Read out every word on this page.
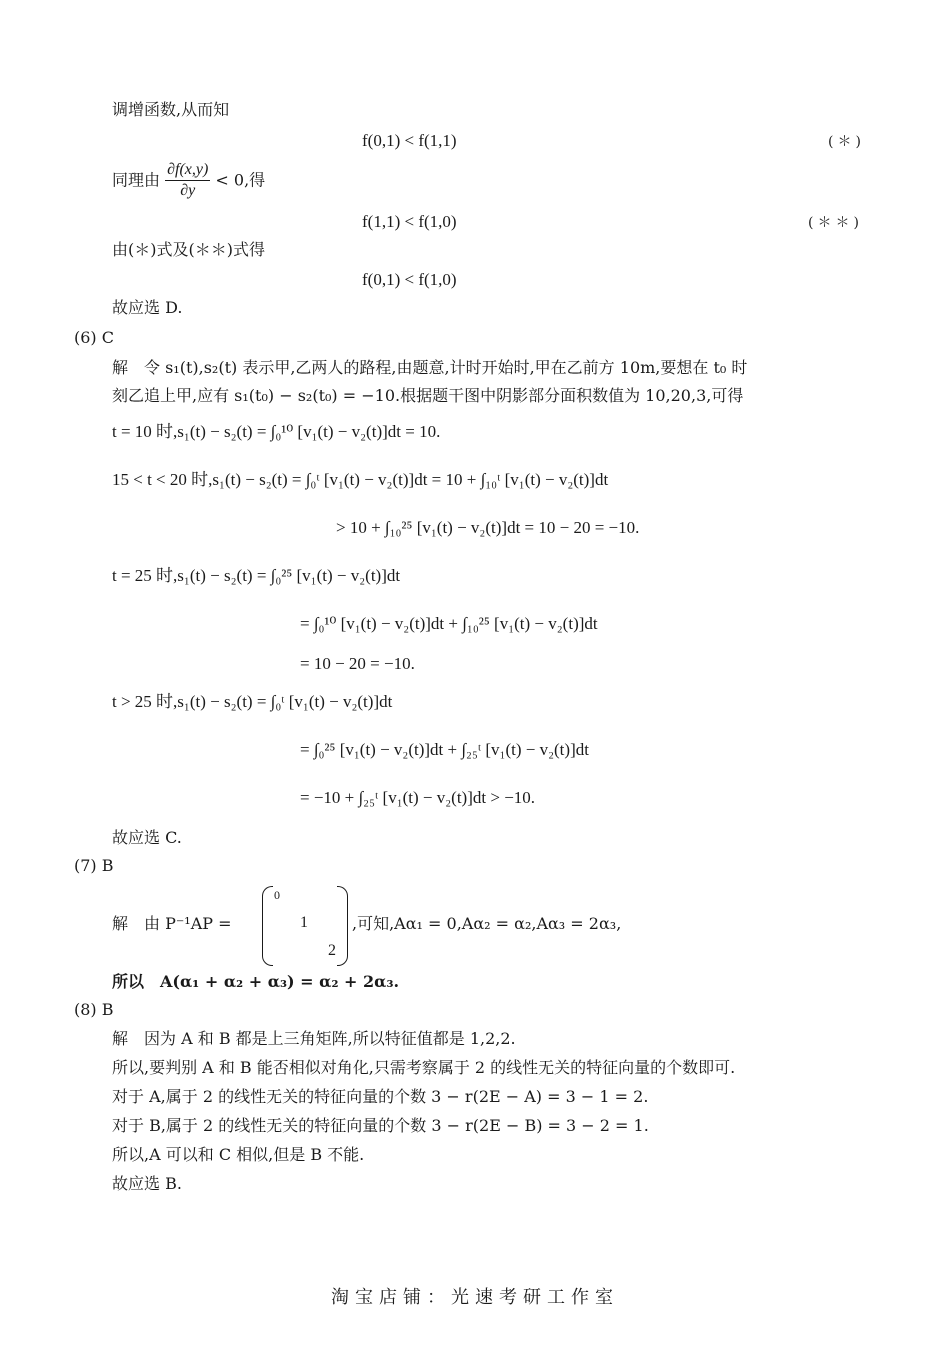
调增函数,从而知
f(0,1) < f(1,1)	(＊)
同理由 $\frac{\partial f(x,y)}{\partial y} < 0$,得
f(1,1) < f(1,0)	(＊＊)
由(＊)式及(＊＊)式得
f(0,1) < f(1,0)
故应选 D.
(6) C
解　令 s₁(t),s₂(t) 表示甲,乙两人的路程,由题意,计时开始时,甲在乙前方 10m,要想在 t₀ 时
刻乙追上甲,应有 s₁(t₀) − s₂(t₀) = −10.根据题干图中阴影部分面积数值为 10,20,3,可得
t = 10 时,s₁(t) − s₂(t) = ∫₀¹⁰ [v₁(t) − v₂(t)]dt = 10.
15 < t < 20 时,s₁(t) − s₂(t) = ∫₀ᵗ [v₁(t) − v₂(t)]dt = 10 + ∫₁₀ᵗ [v₁(t) − v₂(t)]dt
> 10 + ∫₁₀²⁵ [v₁(t) − v₂(t)]dt = 10 − 20 = −10.
t = 25 时,s₁(t) − s₂(t) = ∫₀²⁵ [v₁(t) − v₂(t)]dt
= ∫₀¹⁰ [v₁(t) − v₂(t)]dt + ∫₁₀²⁵ [v₁(t) − v₂(t)]dt
= 10 − 20 = −10.
t > 25 时,s₁(t) − s₂(t) = ∫₀ᵗ [v₁(t) − v₂(t)]dt
= ∫₀²⁵ [v₁(t) − v₂(t)]dt + ∫₂₅ᵗ [v₁(t) − v₂(t)]dt
= −10 + ∫₂₅ᵗ [v₁(t) − v₂(t)]dt > −10.
故应选 C.
(7) B
解　由 P⁻¹AP =
0
1
2
,可知,Aα₁ = 0,Aα₂ = α₂,Aα₃ = 2α₃,
所以　A(α₁ + α₂ + α₃) = α₂ + 2α₃.
(8) B
解　因为 A 和 B 都是上三角矩阵,所以特征值都是 1,2,2.
所以,要判别 A 和 B 能否相似对角化,只需考察属于 2 的线性无关的特征向量的个数即可.
对于 A,属于 2 的线性无关的特征向量的个数 3 − r(2E − A) = 3 − 1 = 2.
对于 B,属于 2 的线性无关的特征向量的个数 3 − r(2E − B) = 3 − 2 = 1.
所以,A 可以和 C 相似,但是 B 不能.
故应选 B.
淘宝店铺：光速考研工作室
